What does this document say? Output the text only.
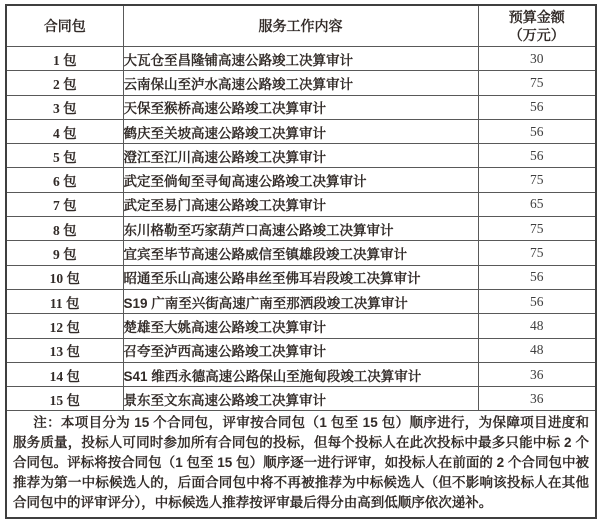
合同包	服务工作内容	预算金额
（万元）

1 包	大瓦仓至昌隆铺高速公路竣工决算审计	30
2 包	云南保山至泸水高速公路竣工决算审计	75
3 包	天保至猴桥高速公路竣工决算审计	56
4 包	鹤庆至关坡高速公路竣工决算审计	56
5 包	澄江至江川高速公路竣工决算审计	56
6 包	武定至倘甸至寻甸高速公路竣工决算审计	75
7 包	武定至易门高速公路竣工决算审计	65
8 包	东川格勒至巧家葫芦口高速公路竣工决算审计	75
9 包	宜宾至毕节高速公路威信至镇雄段竣工决算审计	75
10 包	昭通至乐山高速公路串丝至佛耳岩段竣工决算审计	56
11 包	S19 广南至兴街高速广南至那洒段竣工决算审计	56
12 包	楚雄至大姚高速公路竣工决算审计	48
13 包	召夸至泸西高速公路竣工决算审计	48
14 包	S41 维西永德高速公路保山至施甸段竣工决算审计	36
15 包	景东至文东高速公路竣工决算审计	36
注：本项目分为 15 个合同包，评审按合同包（1 包至 15 包）顺序进行，为保障项目进度和服务质量，投标人可同时参加所有合同包的投标，但每个投标人在此次投标中最多只能中标 2 个合同包。评标将按合同包（1 包至 15 包）顺序逐一进行评审，如投标人在前面的 2 个合同包中被推荐为第一中标候选人的，后面合同包中将不再被推荐为中标候选人（但不影响该投标人在其他合同包中的评审评分），中标候选人推荐按评审最后得分由高到低顺序依次递补。		
